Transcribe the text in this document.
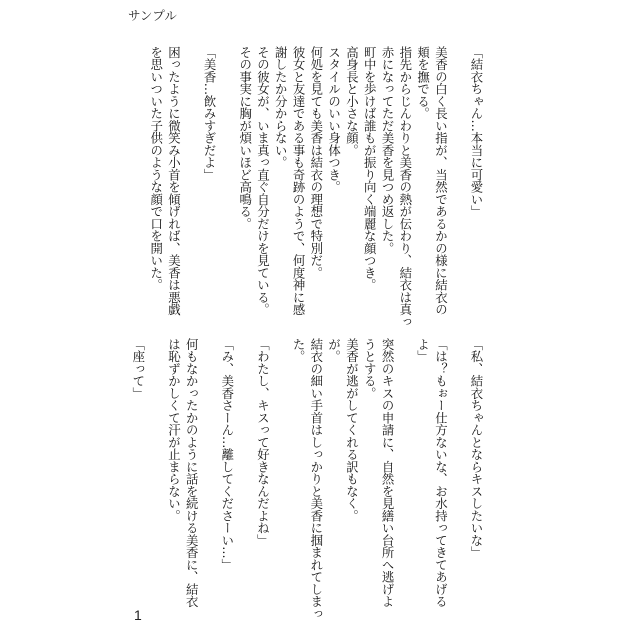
サンプル
「結衣ちゃん…本当に可愛い」

美香の白く長い指が、当然であるかの様に結衣の
頬を撫でる。
指先からじんわりと美香の熱が伝わり、結衣は真っ
赤になってただ美香を見つめ返した。
町中を歩けば誰もが振り向く端麗な顔つき。
高身長と小さな顔。
スタイルのいい身体つき。
何処を見ても美香は結衣の理想で特別だ。
彼女と友達である事も奇跡のようで、何度神に感
謝したか分からない。
その彼女が、いま真っ直ぐ自分だけを見ている。
その事実に胸が煩いほど高鳴る。

「美香…飲みすぎだよ」

困ったように微笑み小首を傾げれば、美香は悪戯
を思いついた子供のような顔で口を開いた。
「私、結衣ちゃんとならキスしたいな」

「は？もぉー仕方ないな、お水持ってきてあげる
よ」

突然のキスの申請に、自然を見繕い台所へ逃げよ
うとする。
美香が逃がしてくれる訳もなく。
が。
結衣の細い手首はしっかりと美香に掴まれてしまっ
た。

「わたし、キスって好きなんだよね」

「み、美香さーん…離してくださーい…」

何もなかったかのように話を続ける美香に、結衣
は恥ずかしくて汗が止まらない。

「座って」
1
